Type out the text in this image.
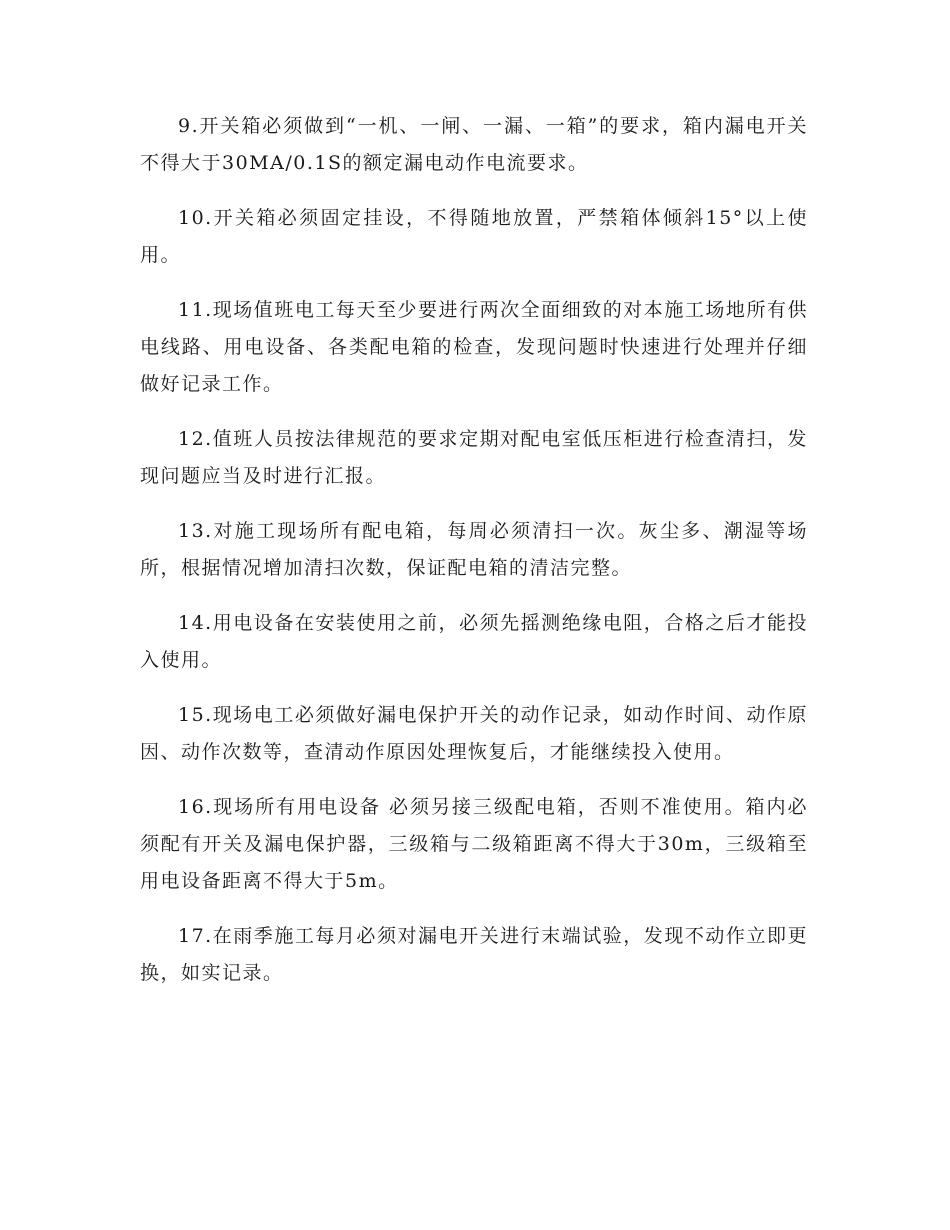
9.开关箱必须做到“一机、一闸、一漏、一箱”的要求，箱内漏电开关不得大于30MA/0.1S的额定漏电动作电流要求。

10.开关箱必须固定挂设，不得随地放置，严禁箱体倾斜15°以上使用。

11.现场值班电工每天至少要进行两次全面细致的对本施工场地所有供电线路、用电设备、各类配电箱的检查，发现问题时快速进行处理并仔细做好记录工作。

12.值班人员按法律规范的要求定期对配电室低压柜进行检查清扫，发现问题应当及时进行汇报。

13.对施工现场所有配电箱，每周必须清扫一次。灰尘多、潮湿等场所，根据情况增加清扫次数，保证配电箱的清洁完整。

14.用电设备在安装使用之前，必须先摇测绝缘电阻，合格之后才能投入使用。

15.现场电工必须做好漏电保护开关的动作记录，如动作时间、动作原因、动作次数等，查清动作原因处理恢复后，才能继续投入使用。

16.现场所有用电设备 必须另接三级配电箱，否则不准使用。箱内必须配有开关及漏电保护器，三级箱与二级箱距离不得大于30m，三级箱至用电设备距离不得大于5m。

17.在雨季施工每月必须对漏电开关进行末端试验，发现不动作立即更换，如实记录。
